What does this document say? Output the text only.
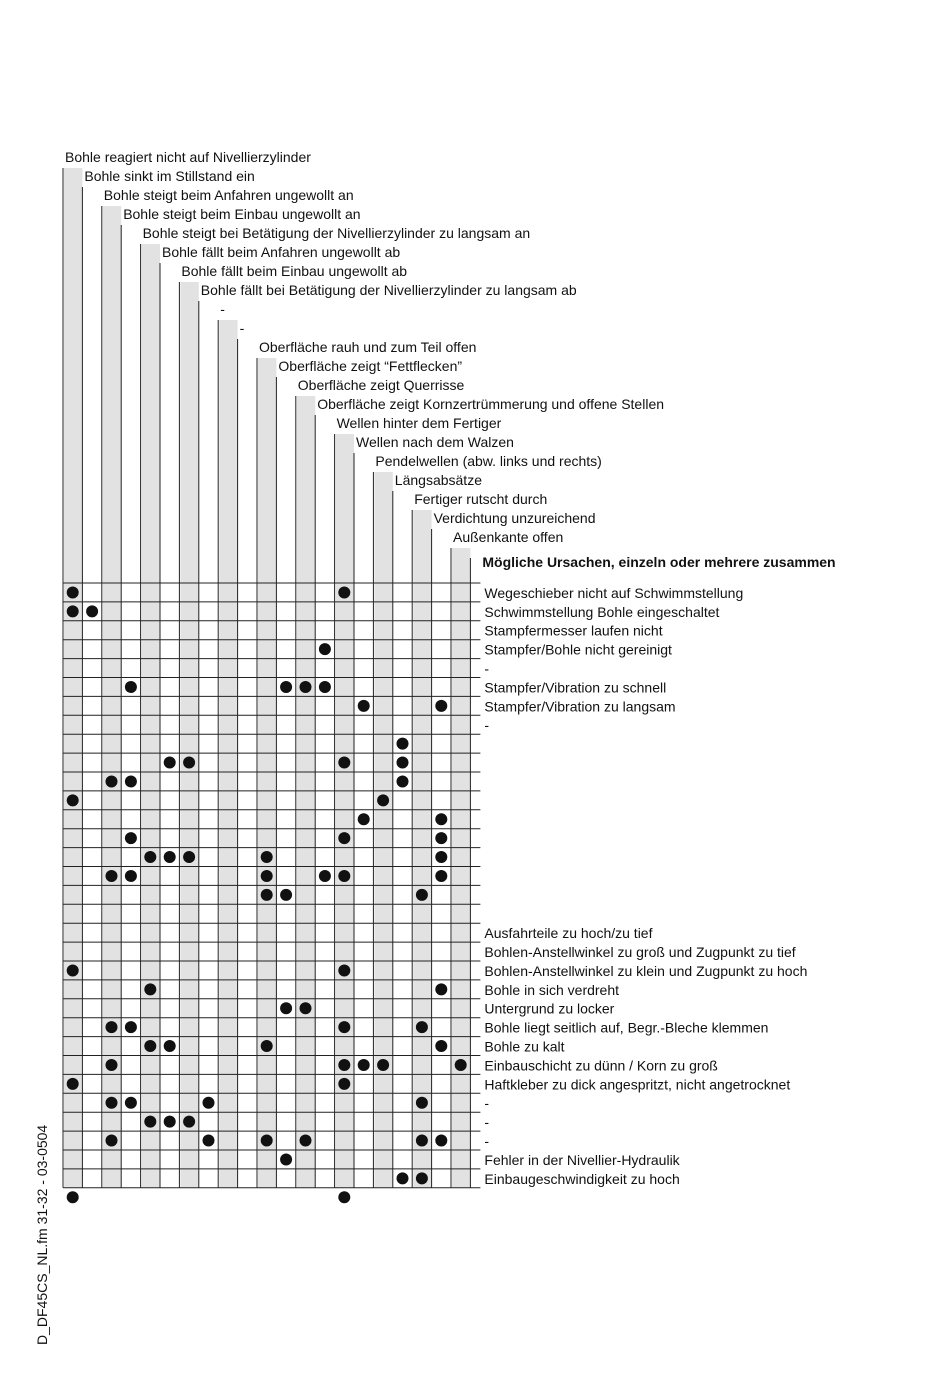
Bohle reagiert nicht auf Nivellierzylinder
Bohle sinkt im Stillstand ein
Bohle steigt beim Anfahren ungewollt an
Bohle steigt beim Einbau ungewollt an
Bohle steigt bei Betätigung der Nivellierzylinder zu langsam an
Bohle fällt beim Anfahren ungewollt ab
Bohle fällt beim Einbau ungewollt ab
Bohle fällt bei Betätigung der Nivellierzylinder zu langsam ab
-
-
Oberfläche rauh und zum Teil offen
Oberfläche zeigt “Fettflecken”
Oberfläche zeigt Querrisse
Oberfläche zeigt Kornzertrümmerung und offene Stellen
Wellen hinter dem Fertiger
Wellen nach dem Walzen
Pendelwellen (abw. links und rechts)
Längsabsätze
Fertiger rutscht durch
Verdichtung unzureichend
Außenkante offen
Mögliche Ursachen, einzeln oder mehrere zusammen
Wegeschieber nicht auf Schwimmstellung
Schwimmstellung Bohle eingeschaltet
Stampfermesser laufen nicht
Stampfer/Bohle nicht gereinigt
-
Stampfer/Vibration zu schnell
Stampfer/Vibration zu langsam
-
Ausfahrteile zu hoch/zu tief
Bohlen-Anstellwinkel zu groß und Zugpunkt zu tief
Bohlen-Anstellwinkel zu klein und Zugpunkt zu hoch
Bohle in sich verdreht
Untergrund zu locker
Bohle liegt seitlich auf, Begr.-Bleche klemmen
Bohle zu kalt
Einbauschicht zu dünn / Korn zu groß
Haftkleber zu dick angespritzt, nicht angetrocknet
-
-
-
Fehler in der Nivellier-Hydraulik
Einbaugeschwindigkeit zu hoch
D_DF45CS_NL.fm 31-32 - 03-0504
